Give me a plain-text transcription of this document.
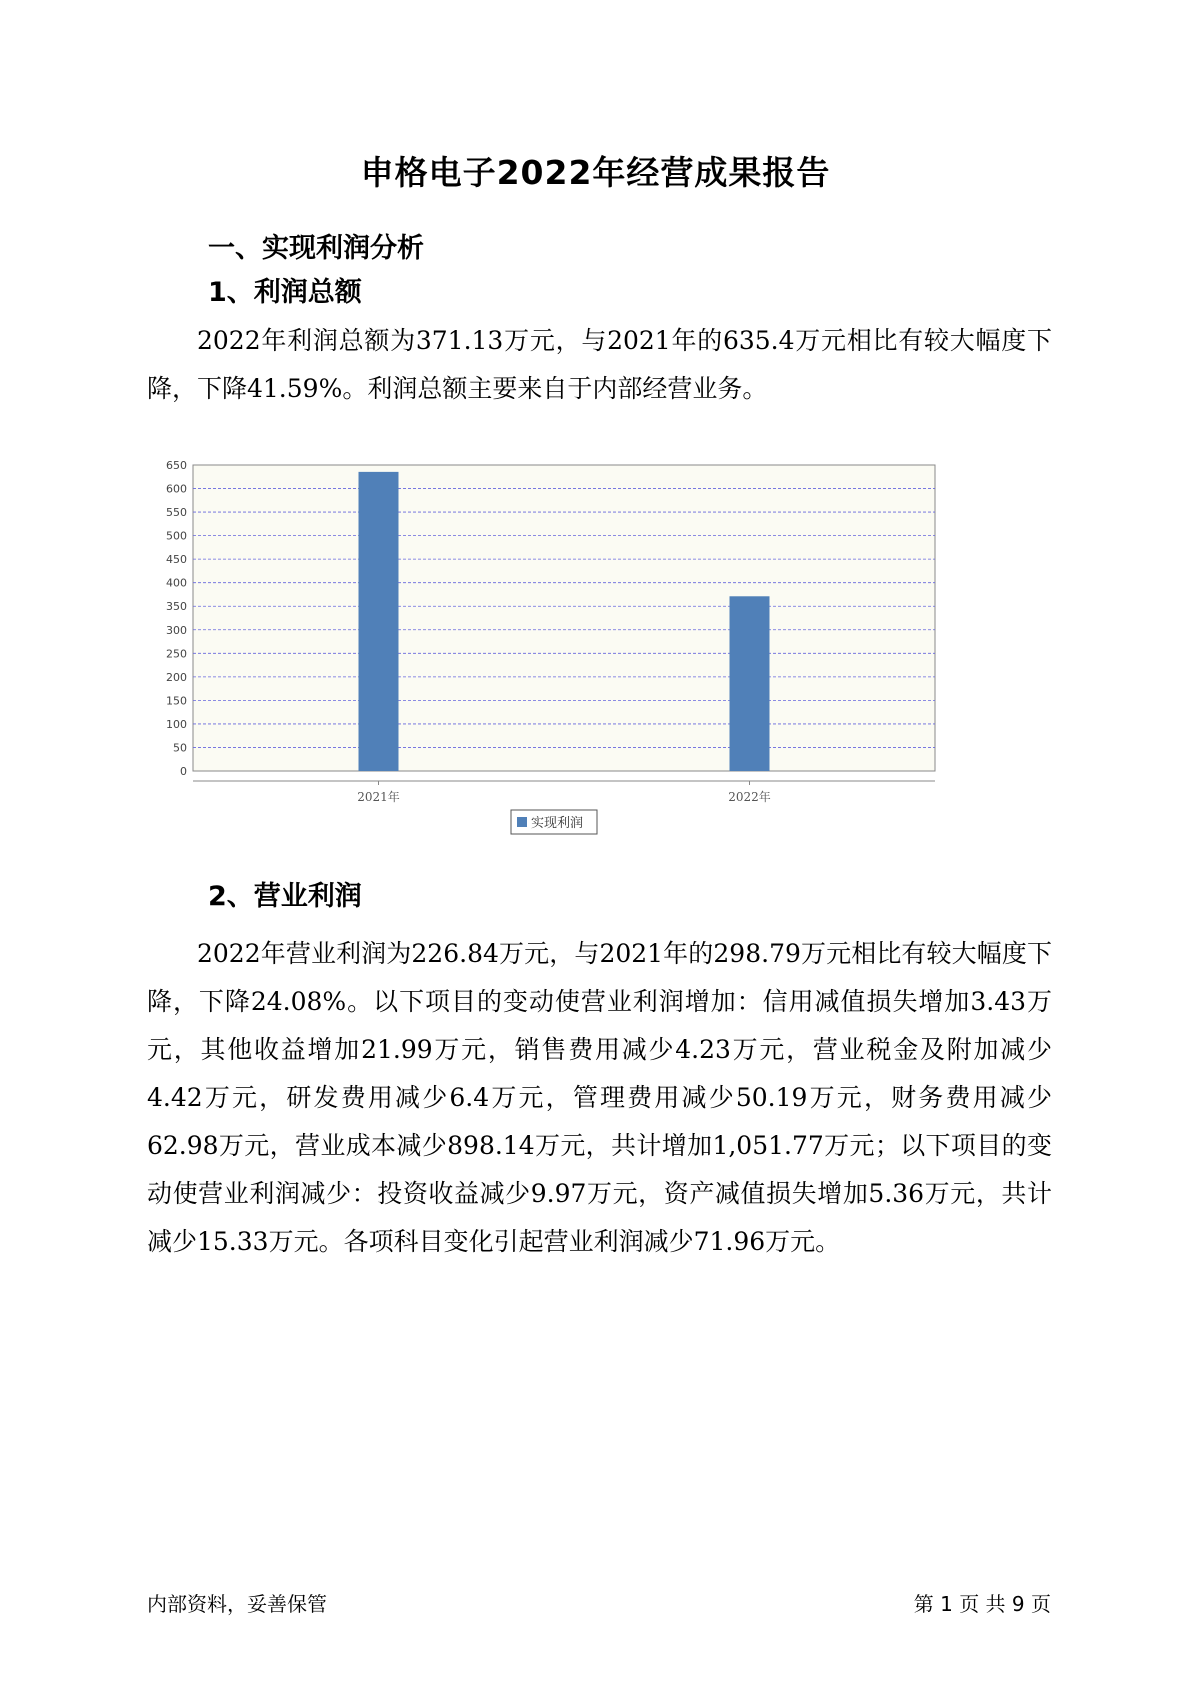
申格电子2022年经营成果报告
一、实现利润分析
1、利润总额
2022年利润总额为371.13万元，与2021年的635.4万元相比有较大幅度下降，下降41.59%。利润总额主要来自于内部经营业务。
0
50
100
150
200
250
300
350
400
450
500
550
600
650
2021年	2022年
实现利润
2、营业利润
2022年营业利润为226.84万元，与2021年的298.79万元相比有较大幅度下降，下降24.08%。以下项目的变动使营业利润增加：信用减值损失增加3.43万元，其他收益增加21.99万元，销售费用减少4.23万元，营业税金及附加减少4.42万元，研发费用减少6.4万元，管理费用减少50.19万元，财务费用减少62.98万元，营业成本减少898.14万元，共计增加1,051.77万元；以下项目的变动使营业利润减少：投资收益减少9.97万元，资产减值损失增加5.36万元，共计减少15.33万元。各项科目变化引起营业利润减少71.96万元。
内部资料，妥善保管	第 1 页 共 9 页
